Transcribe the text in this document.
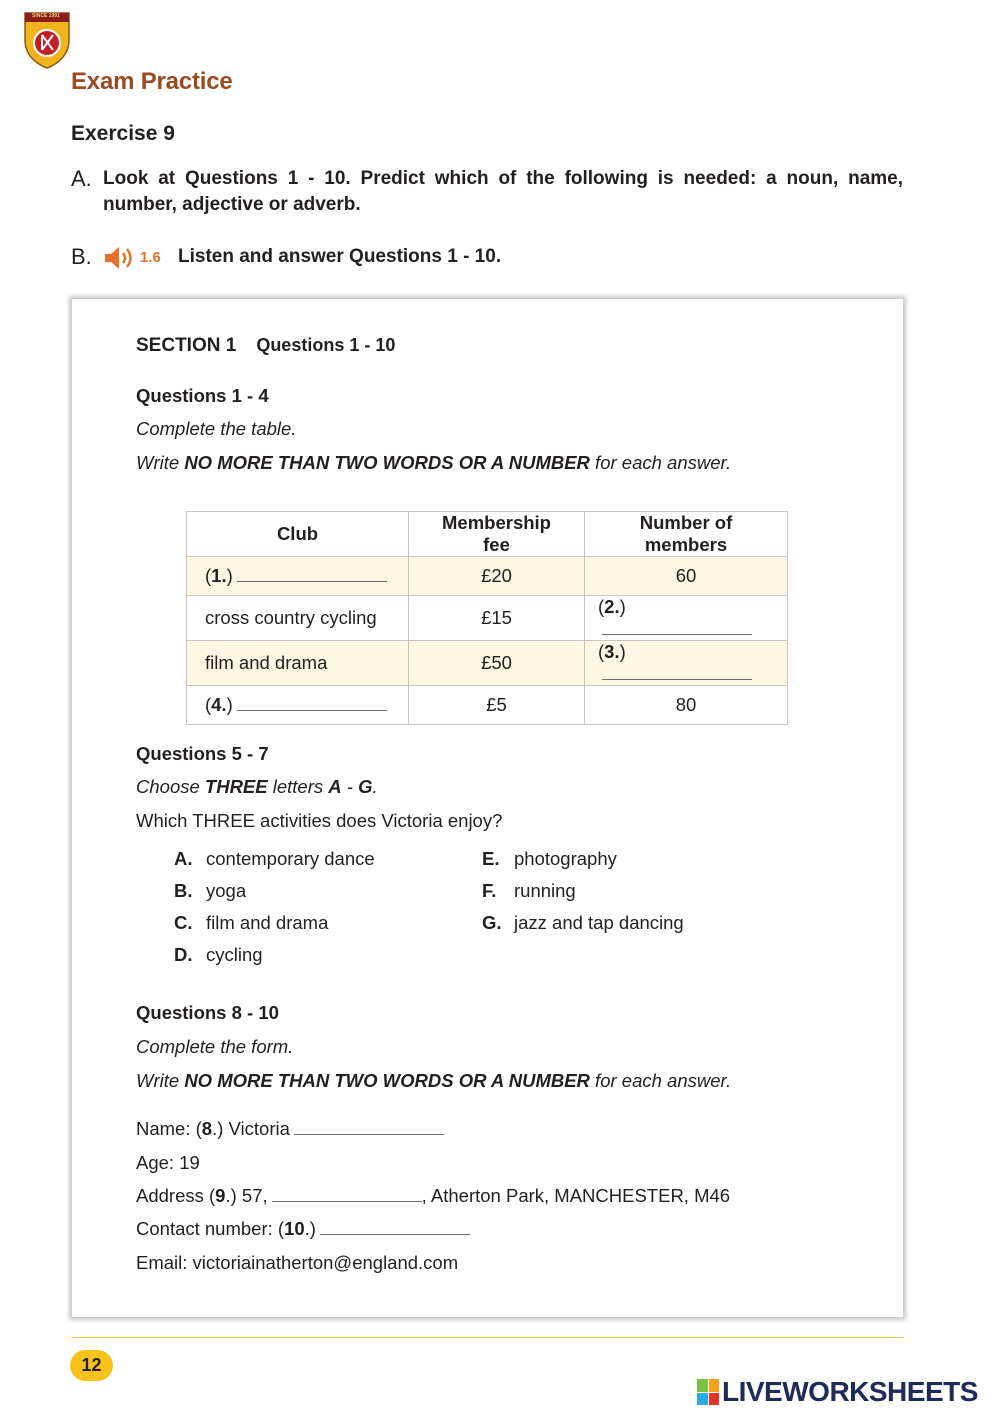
SINCE 1991
Exam Practice
Exercise 9
A. Look at Questions 1 - 10. Predict which of the following is needed: a noun, name, number, adjective or adverb.
B.	1.6 Listen and answer Questions 1 - 10.
SECTION 1 Questions 1 - 10
Questions 1 - 4
Complete the table.
Write NO MORE THAN TWO WORDS OR A NUMBER for each answer.
Club	Membership fee	Number of members
(1.)	£20	60
cross country cycling	£15	(2.)
film and drama	£50	(3.)
(4.)	£5	80
Questions 5 - 7
Choose THREE letters A - G.
Which THREE activities does Victoria enjoy?
A. contemporary dance
B. yoga
C. film and drama
D. cycling
E. photography
F. running
G. jazz and tap dancing
Questions 8 - 10
Complete the form.
Write NO MORE THAN TWO WORDS OR A NUMBER for each answer.
Name: (8.) Victoria
Age: 19
Address (9.) 57,	, Atherton Park, MANCHESTER, M46
Contact number: (10.)
Email: victoriainatherton@england.com
12
LIVEWORKSHEETS
